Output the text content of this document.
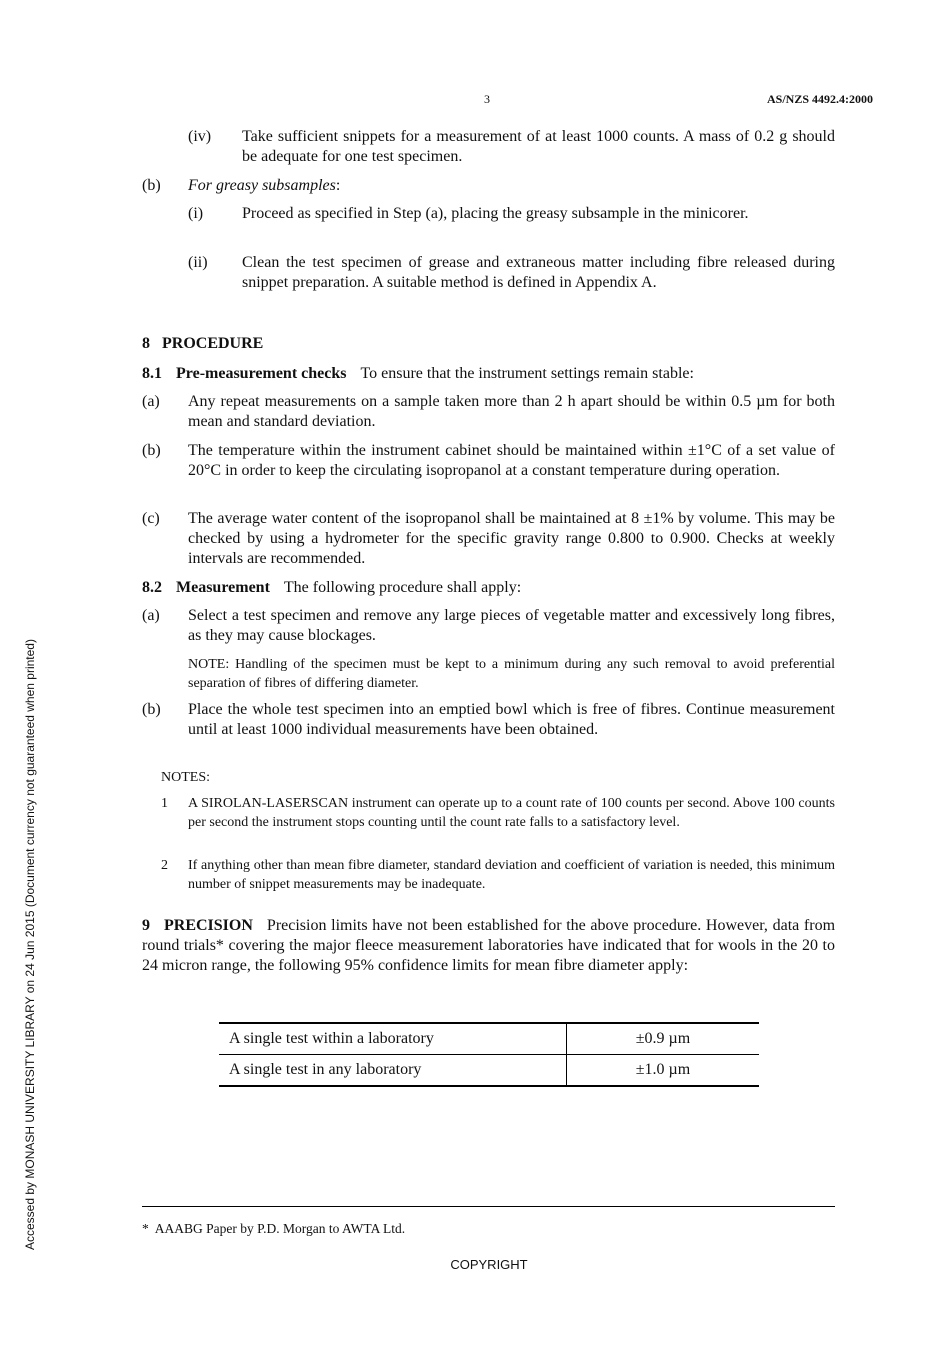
3	AS/NZS 4492.4:2000
Accessed by MONASH UNIVERSITY LIBRARY on 24 Jun 2015 (Document currency not guaranteed when printed)
(iv) Take sufficient snippets for a measurement of at least 1000 counts. A mass of 0.2 g should be adequate for one test specimen.
(b) For greasy subsamples:
(i) Proceed as specified in Step (a), placing the greasy subsample in the minicorer.
(ii) Clean the test specimen of grease and extraneous matter including fibre released during snippet preparation. A suitable method is defined in Appendix A.
8   PROCEDURE
8.1 Pre-measurement checks To ensure that the instrument settings remain stable:
(a) Any repeat measurements on a sample taken more than 2 h apart should be within 0.5 µm for both mean and standard deviation.
(b) The temperature within the instrument cabinet should be maintained within ±1°C of a set value of 20°C in order to keep the circulating isopropanol at a constant temperature during operation.
(c) The average water content of the isopropanol shall be maintained at 8 ±1% by volume. This may be checked by using a hydrometer for the specific gravity range 0.800 to 0.900. Checks at weekly intervals are recommended.
8.2 Measurement The following procedure shall apply:
(a) Select a test specimen and remove any large pieces of vegetable matter and excessively long fibres, as they may cause blockages.
NOTE: Handling of the specimen must be kept to a minimum during any such removal to avoid preferential separation of fibres of differing diameter.
(b) Place the whole test specimen into an emptied bowl which is free of fibres. Continue measurement until at least 1000 individual measurements have been obtained.
NOTES:
1 A SIROLAN-LASERSCAN instrument can operate up to a count rate of 100 counts per second. Above 100 counts per second the instrument stops counting until the count rate falls to a satisfactory level.
2 If anything other than mean fibre diameter, standard deviation and coefficient of variation is needed, this minimum number of snippet measurements may be inadequate.
9   PRECISION Precision limits have not been established for the above procedure. However, data from round trials* covering the major fleece measurement laboratories have indicated that for wools in the 20 to 24 micron range, the following 95% confidence limits for mean fibre diameter apply:
A single test within a laboratory	±0.9 µm
A single test in any laboratory	±1.0 µm
*  AAABG Paper by P.D. Morgan to AWTA Ltd.
COPYRIGHT
